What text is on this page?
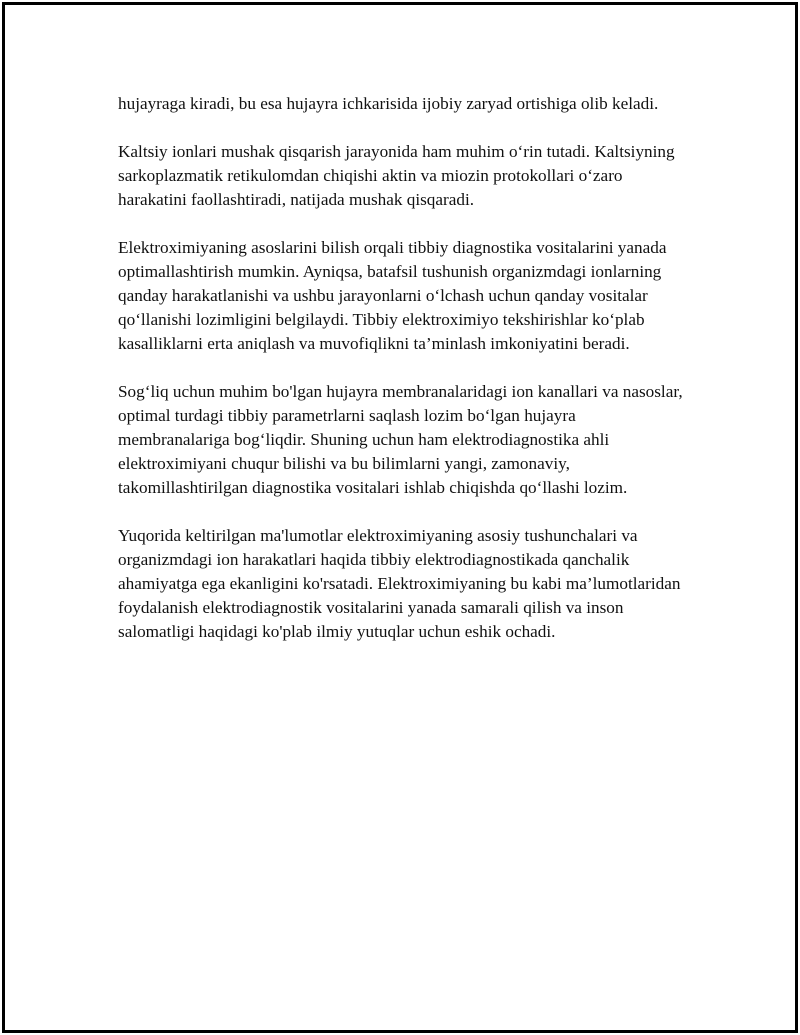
hujayraga kiradi, bu esa hujayra ichkarisida ijobiy zaryad ortishiga olib keladi.

Kaltsiy ionlari mushak qisqarish jarayonida ham muhim o‘rin tutadi. Kaltsiyning sarkoplazmatik retikulomdan chiqishi aktin va miozin protokollari o‘zaro harakatini faollashtiradi, natijada mushak qisqaradi.

Elektroximiyaning asoslarini bilish orqali tibbiy diagnostika vositalarini yanada optimallashtirish mumkin. Ayniqsa, batafsil tushunish organizmdagi ionlarning qanday harakatlanishi va ushbu jarayonlarni o‘lchash uchun qanday vositalar qo‘llanishi lozimligini belgilaydi. Tibbiy elektroximiyo tekshirishlar ko‘plab kasalliklarni erta aniqlash va muvofiqlikni ta’minlash imkoniyatini beradi.

Sog‘liq uchun muhim bo'lgan hujayra membranalaridagi ion kanallari va nasoslar, optimal turdagi tibbiy parametrlarni saqlash lozim bo‘lgan hujayra membranalariga bog‘liqdir. Shuning uchun ham elektrodiagnostika ahli elektroximiyani chuqur bilishi va bu bilimlarni yangi, zamonaviy, takomillashtirilgan diagnostika vositalari ishlab chiqishda qo‘llashi lozim.

Yuqorida keltirilgan ma'lumotlar elektroximiyaning asosiy tushunchalari va organizmdagi ion harakatlari haqida tibbiy elektrodiagnostikada qanchalik ahamiyatga ega ekanligini ko'rsatadi. Elektroximiyaning bu kabi ma’lumotlaridan foydalanish elektrodiagnostik vositalarini yanada samarali qilish va inson salomatligi haqidagi ko'plab ilmiy yutuqlar uchun eshik ochadi.
